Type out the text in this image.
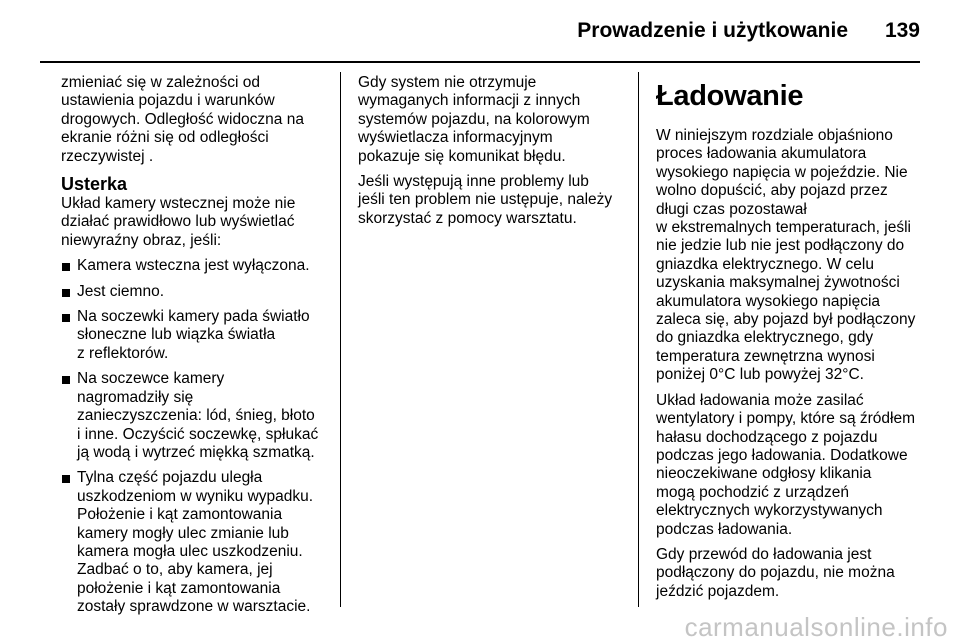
Prowadzenie i użytkowanie 139

zmieniać się w zależności od
ustawienia pojazdu i warunków
drogowych. Odległość widoczna na
ekranie różni się od odległości
rzeczywistej .

Usterka

Układ kamery wstecznej może nie
działać prawidłowo lub wyświetlać
niewyraźny obraz, jeśli:

Kamera wsteczna jest wyłączona.
Jest ciemno.
Na soczewki kamery pada światło
słoneczne lub wiązka światła
z reflektorów.
Na soczewce kamery
nagromadziły się
zanieczyszczenia: lód, śnieg, błoto
i inne. Oczyścić soczewkę, spłukać
ją wodą i wytrzeć miękką szmatką.
Tylna część pojazdu uległa
uszkodzeniom w wyniku wypadku.
Położenie i kąt zamontowania
kamery mogły ulec zmianie lub
kamera mogła ulec uszkodzeniu.
Zadbać o to, aby kamera, jej
położenie i kąt zamontowania
zostały sprawdzone w warsztacie.

Gdy system nie otrzymuje
wymaganych informacji z innych
systemów pojazdu, na kolorowym
wyświetlacza informacyjnym
pokazuje się komunikat błędu.

Jeśli występują inne problemy lub
jeśli ten problem nie ustępuje, należy
skorzystać z pomocy warsztatu.

Ładowanie

W niniejszym rozdziale objaśniono
proces ładowania akumulatora
wysokiego napięcia w pojeździe. Nie
wolno dopuścić, aby pojazd przez
długi czas pozostawał
w ekstremalnych temperaturach, jeśli
nie jedzie lub nie jest podłączony do
gniazdka elektrycznego. W celu
uzyskania maksymalnej żywotności
akumulatora wysokiego napięcia
zaleca się, aby pojazd był podłączony
do gniazdka elektrycznego, gdy
temperatura zewnętrzna wynosi
poniżej 0°C lub powyżej 32°C.

Układ ładowania może zasilać
wentylatory i pompy, które są źródłem
hałasu dochodzącego z pojazdu
podczas jego ładowania. Dodatkowe
nieoczekiwane odgłosy klikania
mogą pochodzić z urządzeń
elektrycznych wykorzystywanych
podczas ładowania.

Gdy przewód do ładowania jest
podłączony do pojazdu, nie można
jeździć pojazdem.

carmanualsonline.info
